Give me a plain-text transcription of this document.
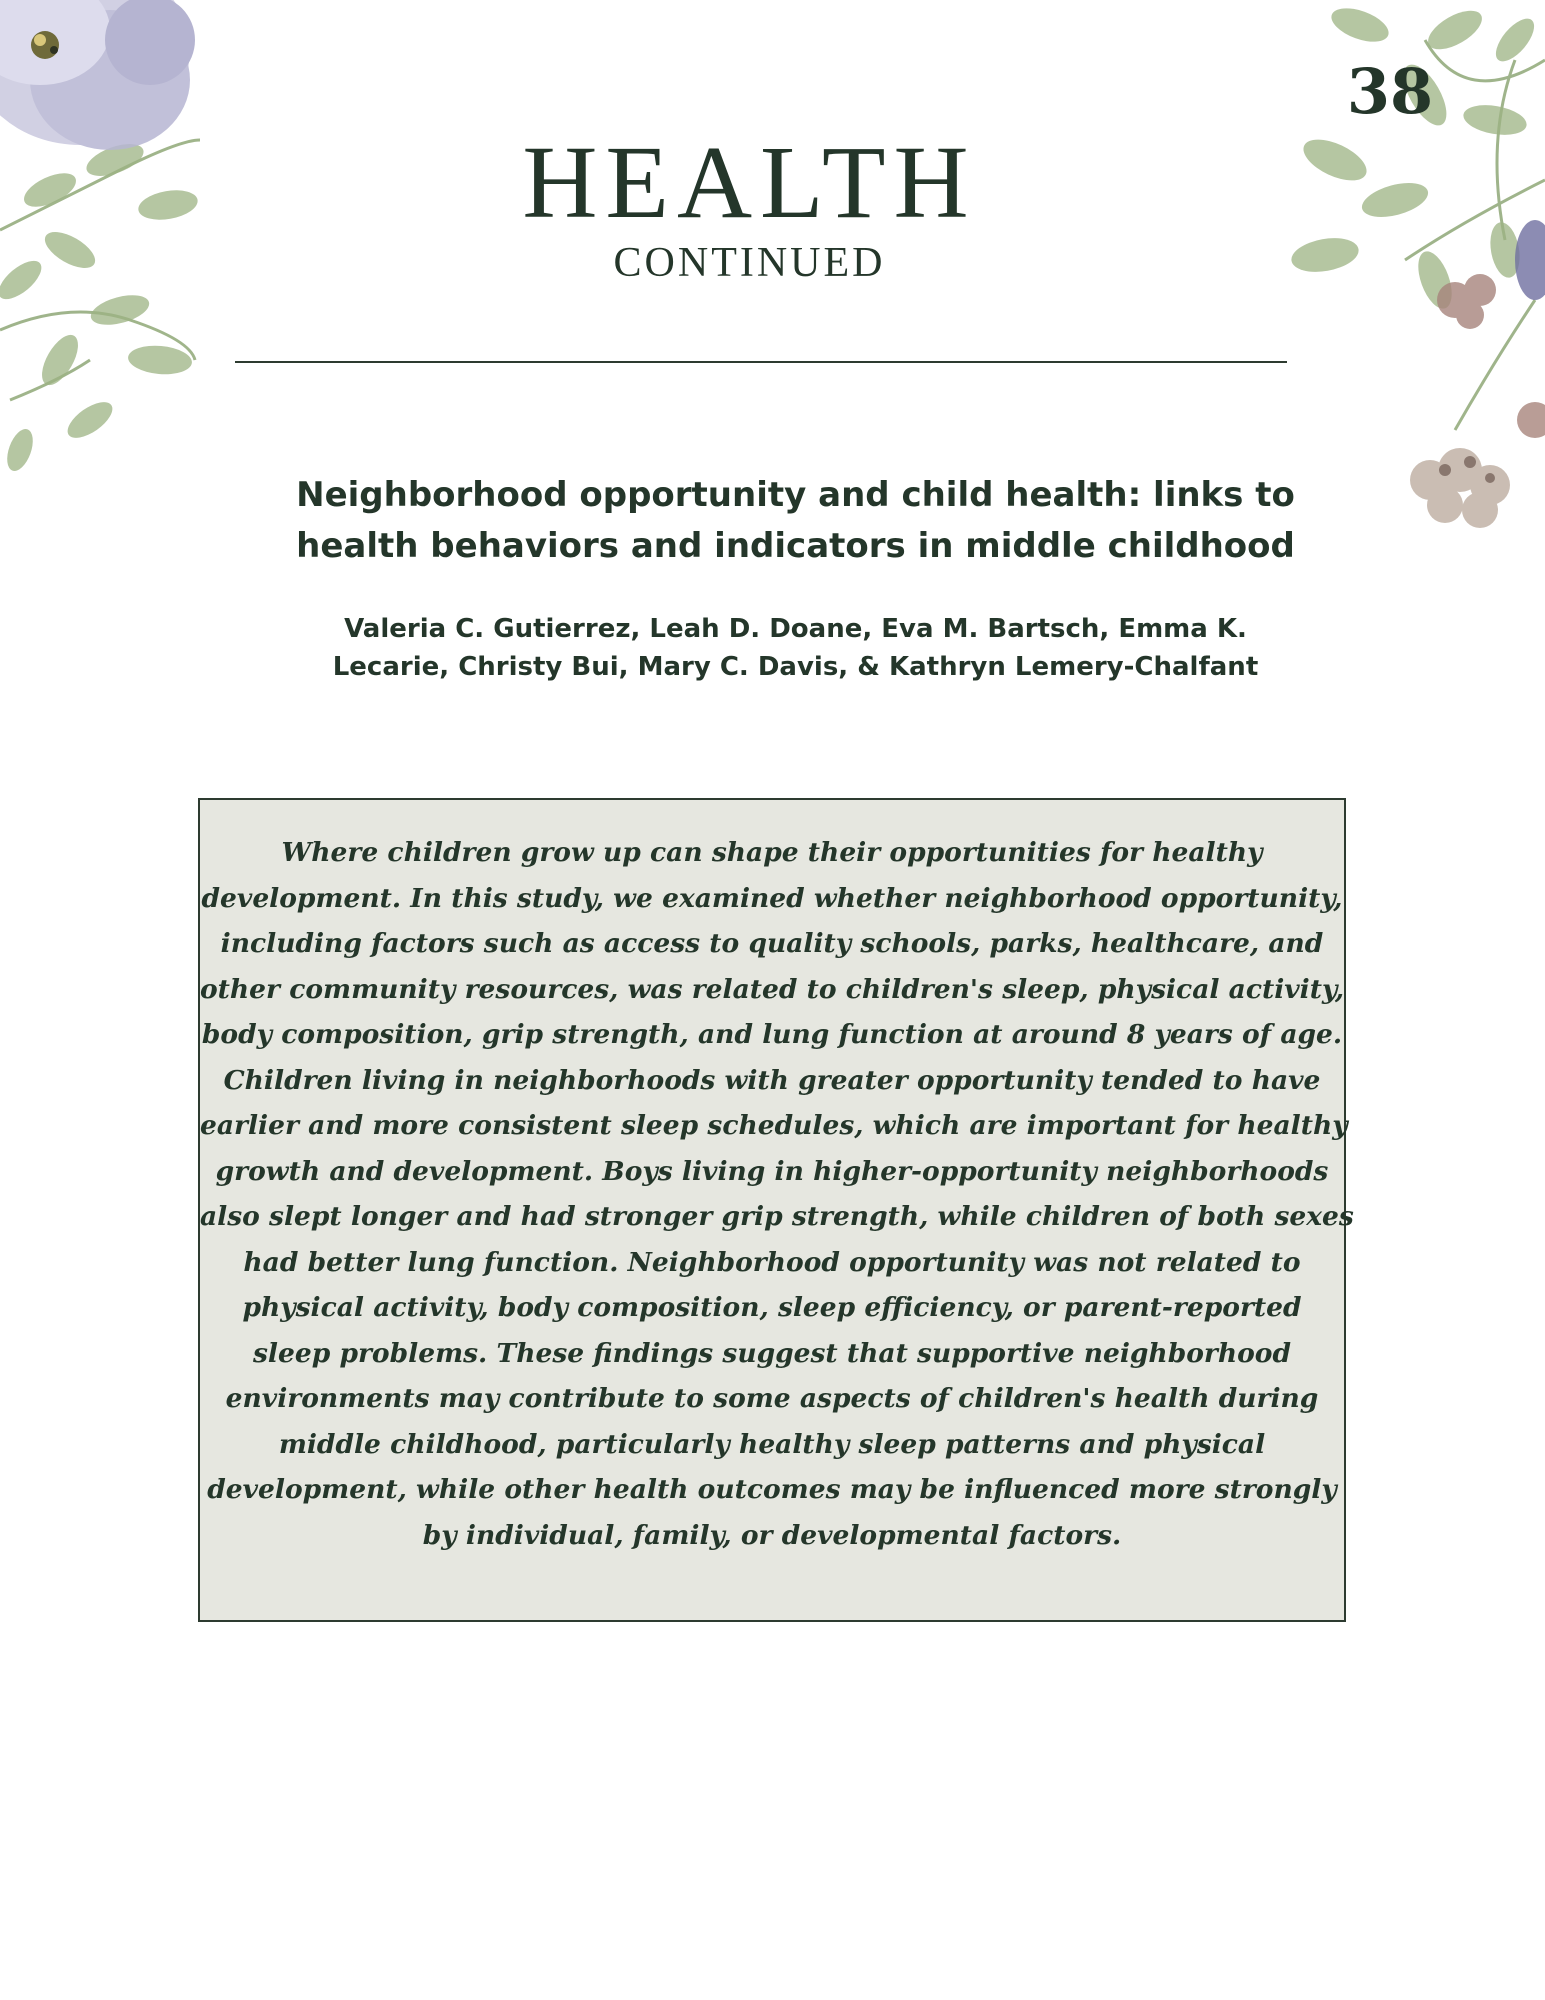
38
HEALTH
CONTINUED
Neighborhood opportunity and child health: links to
health behaviors and indicators in middle childhood
Valeria C. Gutierrez, Leah D. Doane, Eva M. Bartsch, Emma K.
Lecarie, Christy Bui, Mary C. Davis, & Kathryn Lemery-Chalfant
Where children grow up can shape their opportunities for healthy
development. In this study, we examined whether neighborhood opportunity,
including factors such as access to quality schools, parks, healthcare, and
other community resources, was related to children's sleep, physical activity,
body composition, grip strength, and lung function at around 8 years of age.
Children living in neighborhoods with greater opportunity tended to have
earlier and more consistent sleep schedules, which are important for healthy
growth and development. Boys living in higher-opportunity neighborhoods
also slept longer and had stronger grip strength, while children of both sexes
had better lung function. Neighborhood opportunity was not related to
physical activity, body composition, sleep efficiency, or parent-reported
sleep problems. These findings suggest that supportive neighborhood
environments may contribute to some aspects of children's health during
middle childhood, particularly healthy sleep patterns and physical
development, while other health outcomes may be influenced more strongly
by individual, family, or developmental factors.
